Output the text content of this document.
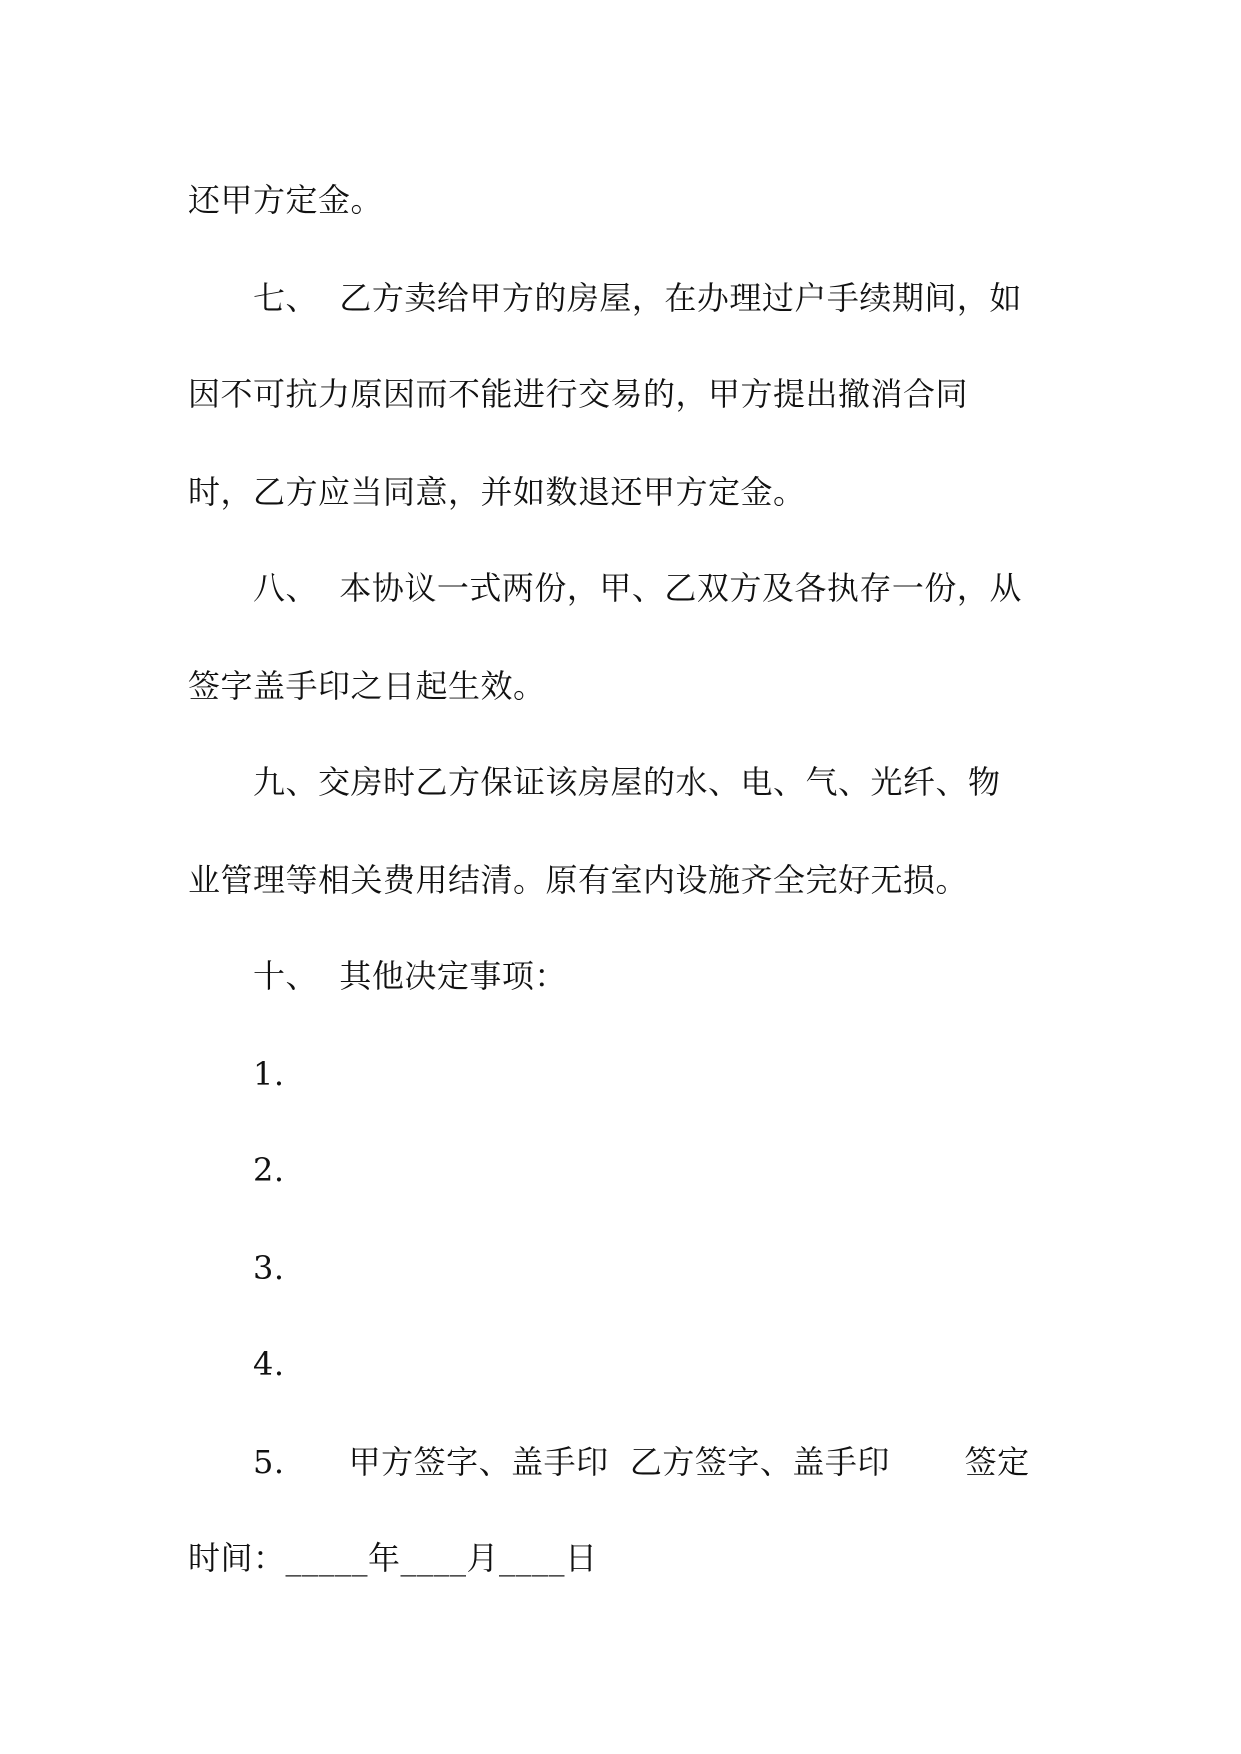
还甲方定金。
七、  乙方卖给甲方的房屋，在办理过户手续期间，如
因不可抗力原因而不能进行交易的，甲方提出撤消合同
时，乙方应当同意，并如数退还甲方定金。
八、  本协议一式两份，甲、乙双方及各执存一份，从
签字盖手印之日起生效。
九、交房时乙方保证该房屋的水、电、气、光纤、物
业管理等相关费用结清。原有室内设施齐全完好无损。
十、  其他决定事项：
1.
2.
3.
4.
5.      甲方签字、盖手印  乙方签字、盖手印       签定
时间：_____年____月____日
